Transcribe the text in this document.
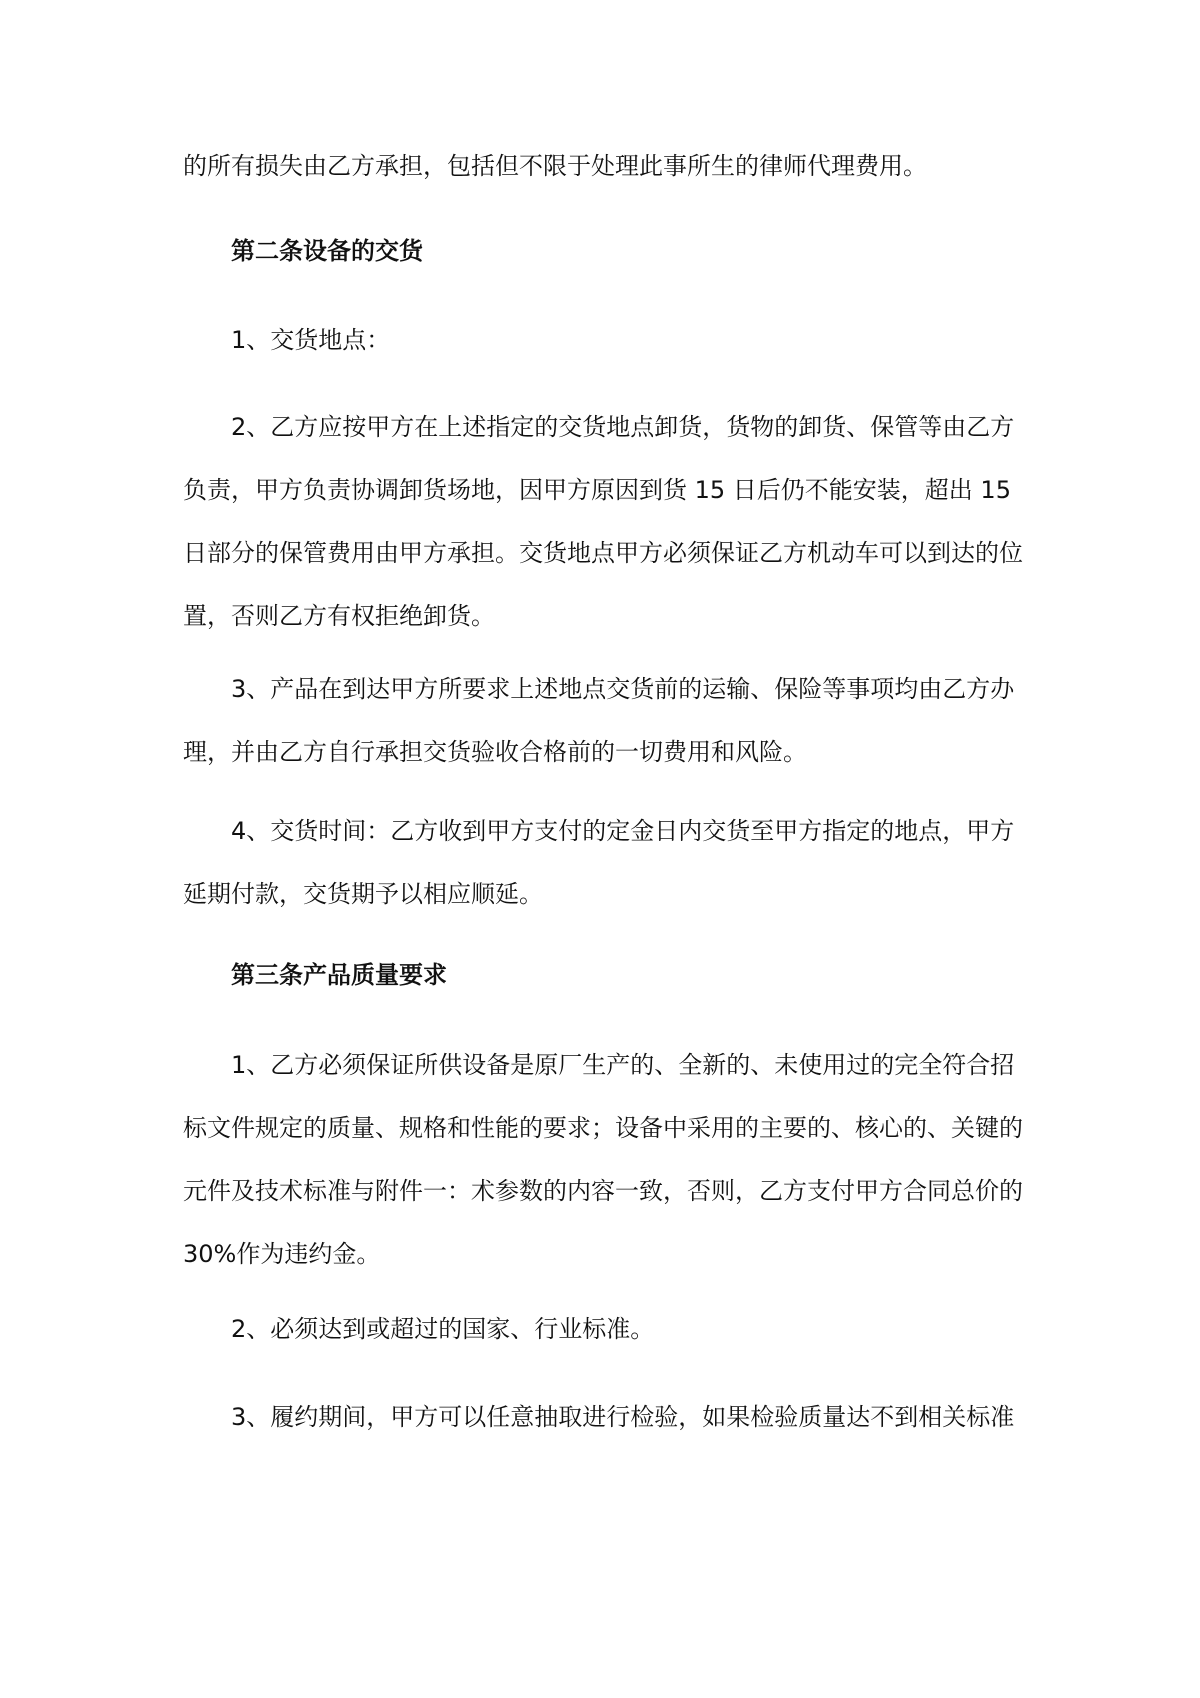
的所有损失由乙方承担，包括但不限于处理此事所生的律师代理费用。

第二条设备的交货

1、交货地点：

2、乙方应按甲方在上述指定的交货地点卸货，货物的卸货、保管等由乙方负责，甲方负责协调卸货场地，因甲方原因到货 15 日后仍不能安装，超出 15 日部分的保管费用由甲方承担。交货地点甲方必须保证乙方机动车可以到达的位置，否则乙方有权拒绝卸货。

3、产品在到达甲方所要求上述地点交货前的运输、保险等事项均由乙方办理，并由乙方自行承担交货验收合格前的一切费用和风险。

4、交货时间：乙方收到甲方支付的定金日内交货至甲方指定的地点，甲方延期付款，交货期予以相应顺延。

第三条产品质量要求

1、乙方必须保证所供设备是原厂生产的、全新的、未使用过的完全符合招标文件规定的质量、规格和性能的要求；设备中采用的主要的、核心的、关键的元件及技术标准与附件一：术参数的内容一致，否则，乙方支付甲方合同总价的 30%作为违约金。

2、必须达到或超过的国家、行业标准。

3、履约期间，甲方可以任意抽取进行检验，如果检验质量达不到相关标准
